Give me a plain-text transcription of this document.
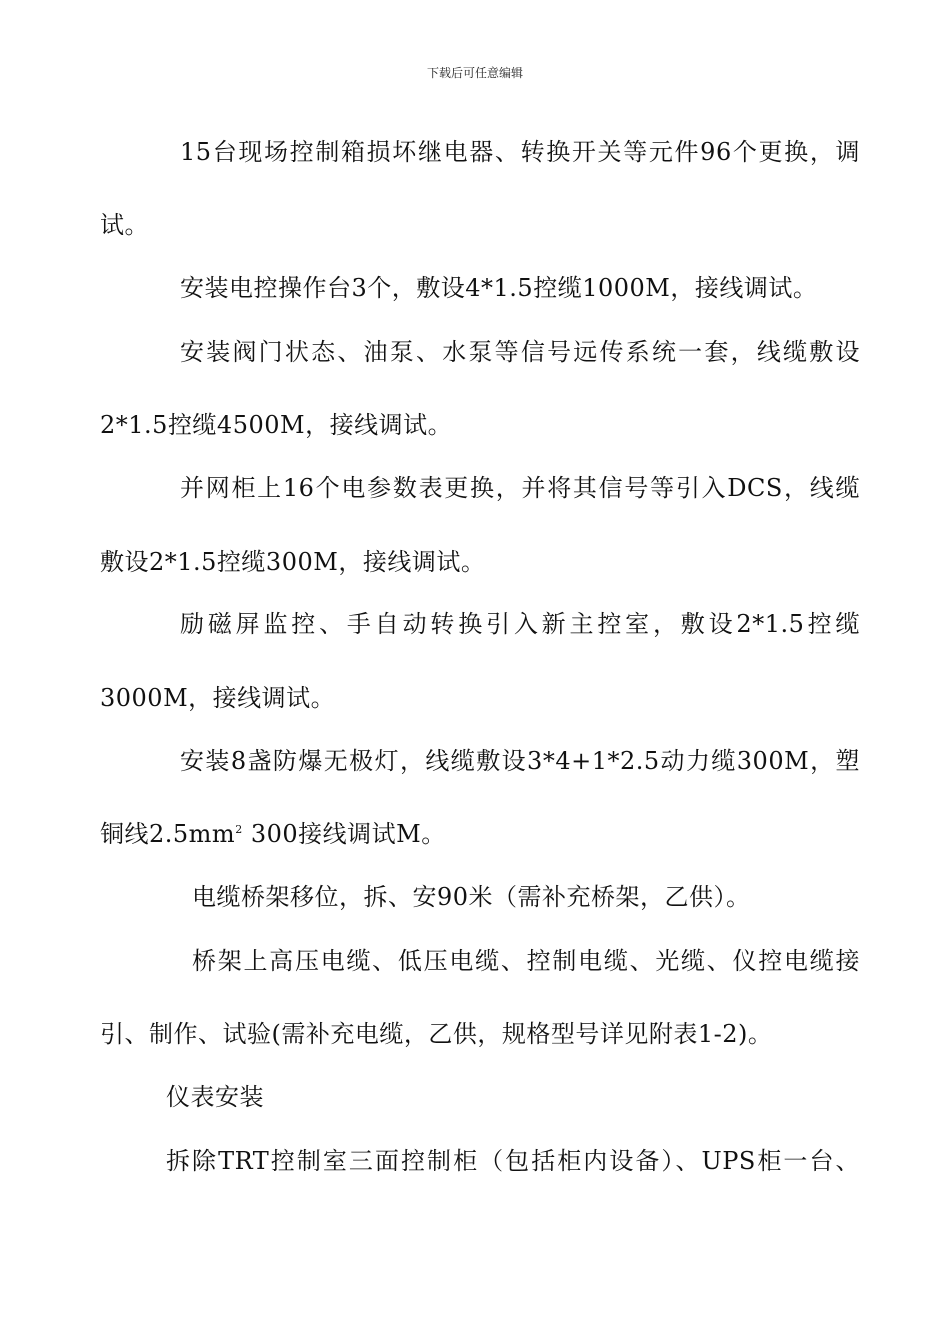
下载后可任意编辑
15台现场控制箱损坏继电器、转换开关等元件96个更换，调
试。
安装电控操作台3个，敷设4*1.5控缆1000M，接线调试。
安装阀门状态、油泵、水泵等信号远传系统一套，线缆敷设
2*1.5控缆4500M，接线调试。
并网柜上16个电参数表更换，并将其信号等引入DCS，线缆
敷设2*1.5控缆300M，接线调试。
励磁屏监控、手自动转换引入新主控室，敷设2*1.5控缆
3000M，接线调试。
安装8盏防爆无极灯，线缆敷设3*4+1*2.5动力缆300M，塑
铜线$2.5mm^2$ 300接线调试M。
电缆桥架移位，拆、安90米（需补充桥架，乙供）。
桥架上高压电缆、低压电缆、控制电缆、光缆、仪控电缆接
引、制作、试验(需补充电缆，乙供，规格型号详见附表1-2)。
仪表安装
拆除TRT控制室三面控制柜（包括柜内设备）、UPS柜一台、
